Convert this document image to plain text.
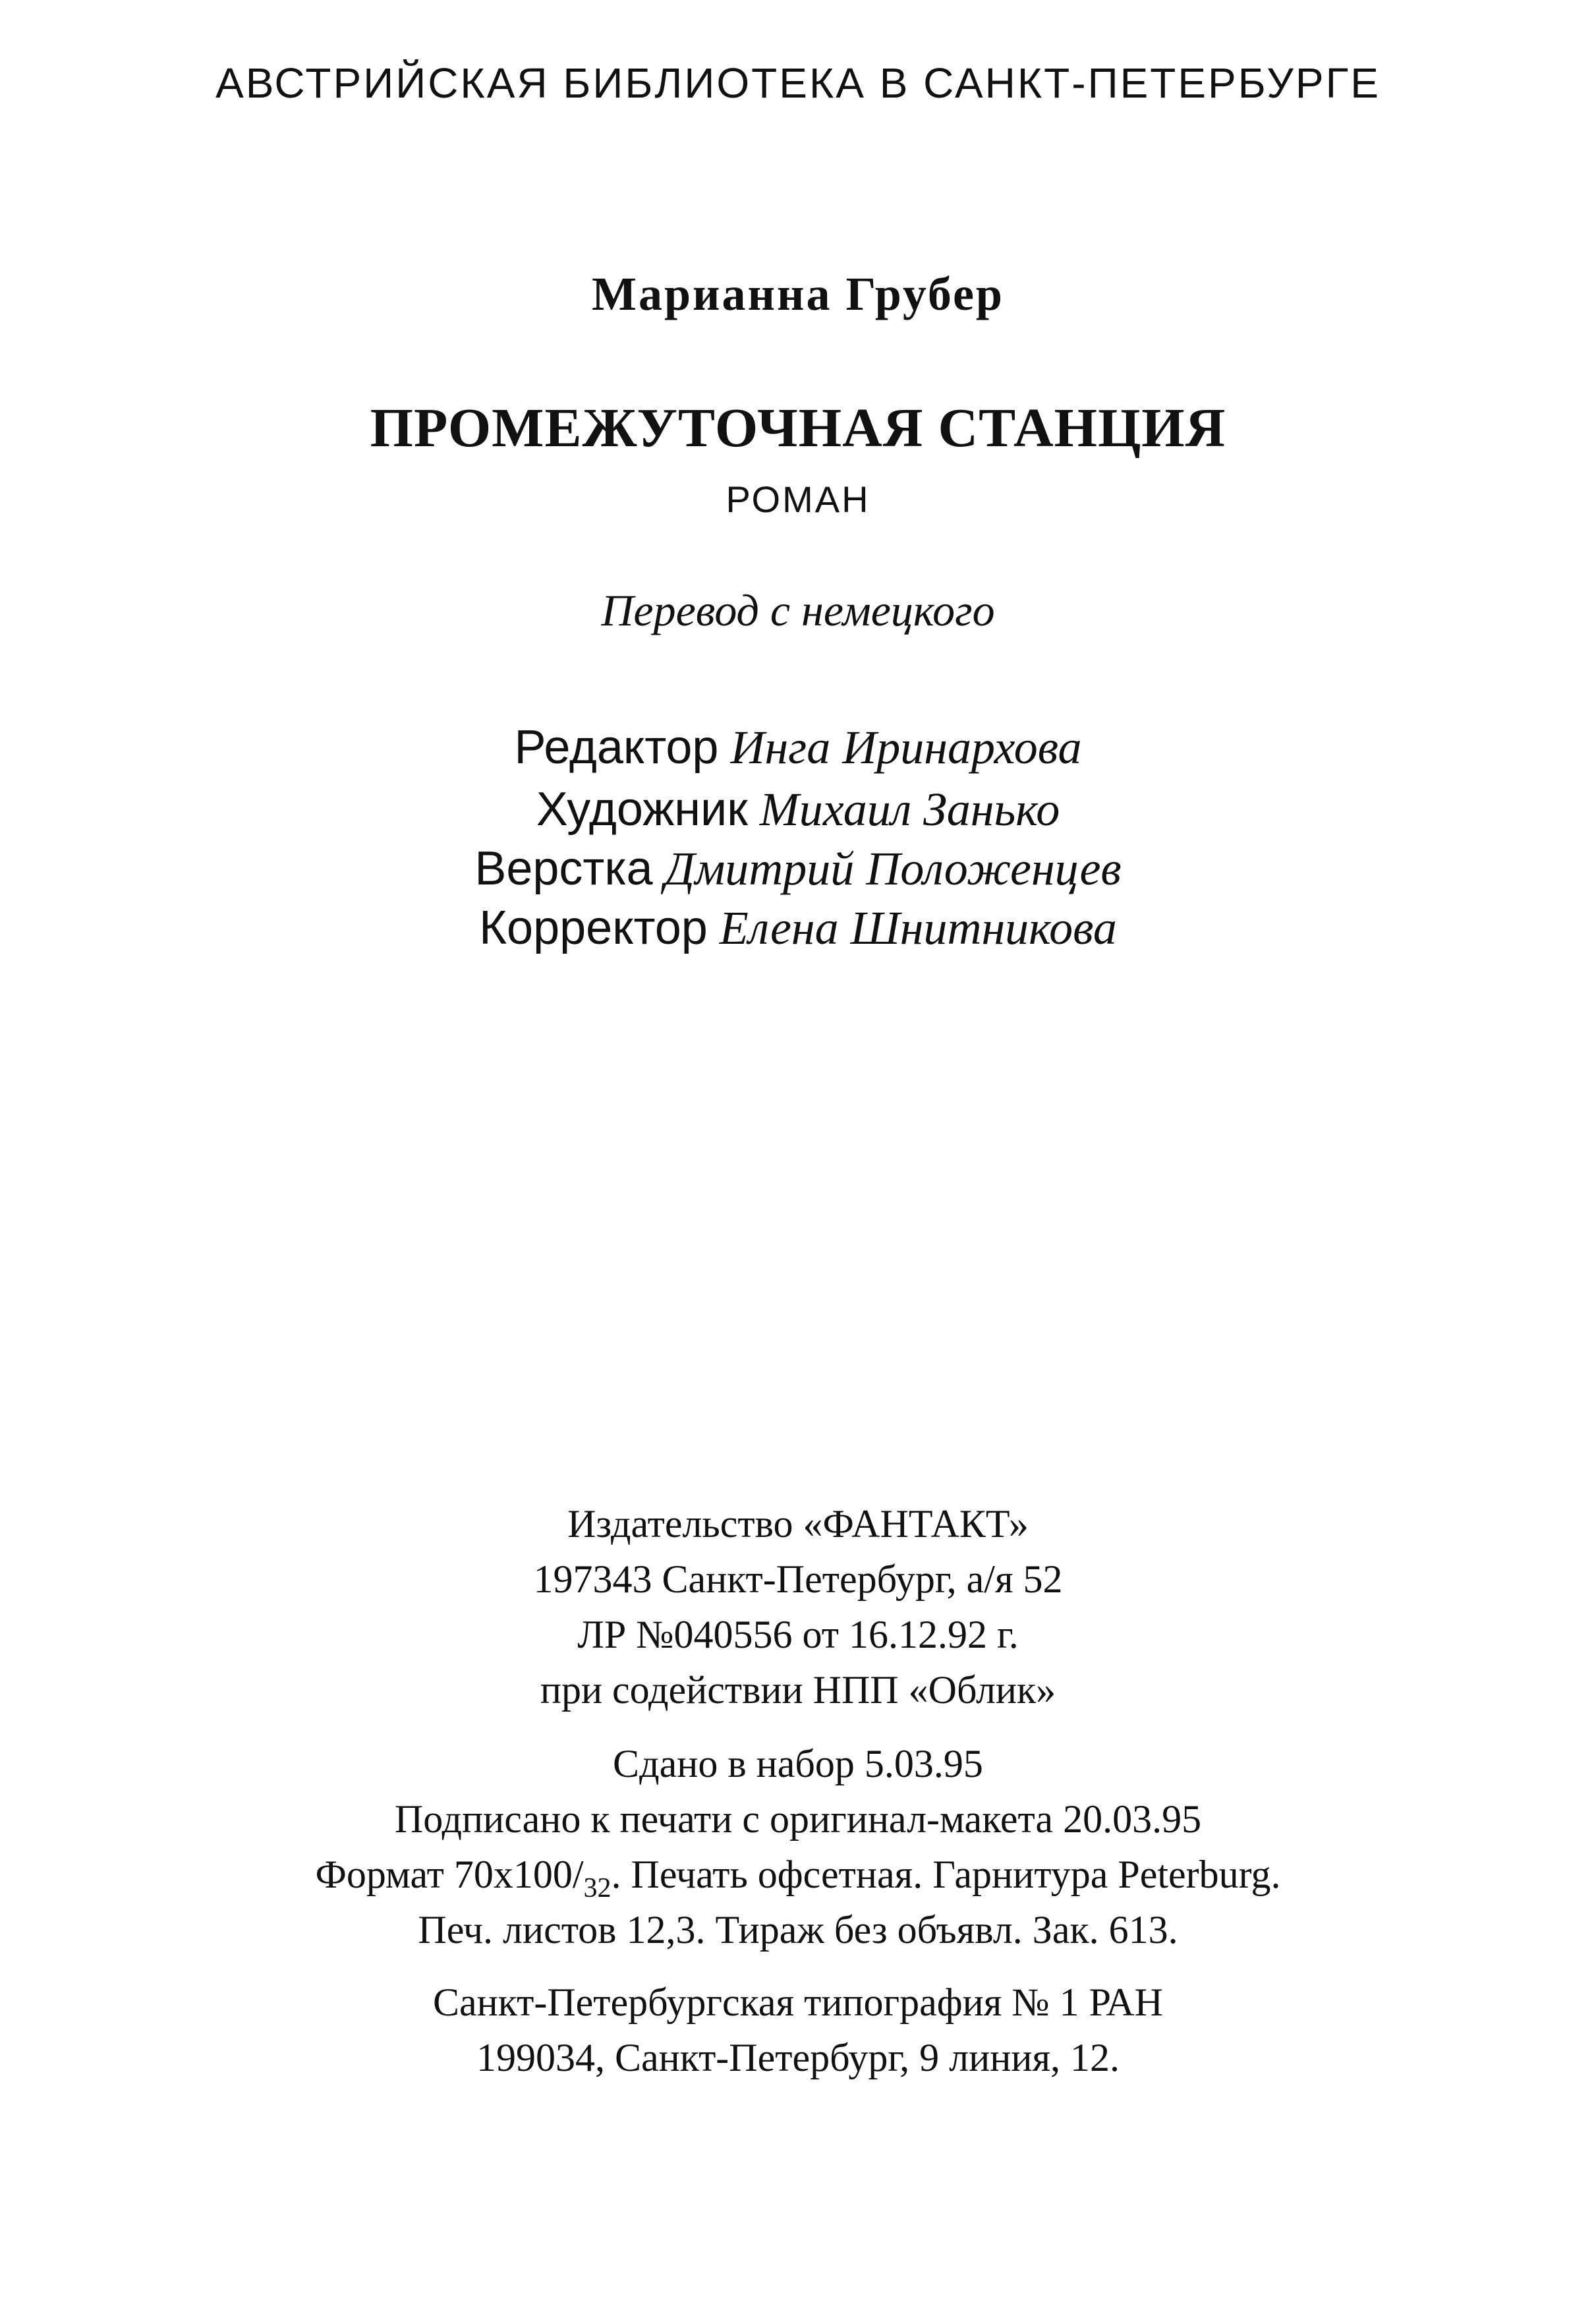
АВСТРИЙСКАЯ БИБЛИОТЕКА В САНКТ-ПЕТЕРБУРГЕ
Марианна Грубер
ПРОМЕЖУТОЧНАЯ СТАНЦИЯ
РОМАН
Перевод с немецкого
Редактор Инга Иринархова
Художник Михаил Занько
Верстка Дмитрий Положенцев
Корректор Елена Шнитникова
Издательство «ФАНТАКТ»
197343 Санкт-Петербург, а/я 52
ЛР №040556 от 16.12.92 г.
при содействии НПП «Облик»
Сдано в набор 5.03.95
Подписано к печати с оригинал-макета 20.03.95
Формат $70x100/_{32}$. Печать офсетная. Гарнитура Peterburg.
Печ. листов 12,3. Тираж без объявл. Зак. 613.
Санкт-Петербургская типография № 1 РАН
199034, Санкт-Петербург, 9 линия, 12.
